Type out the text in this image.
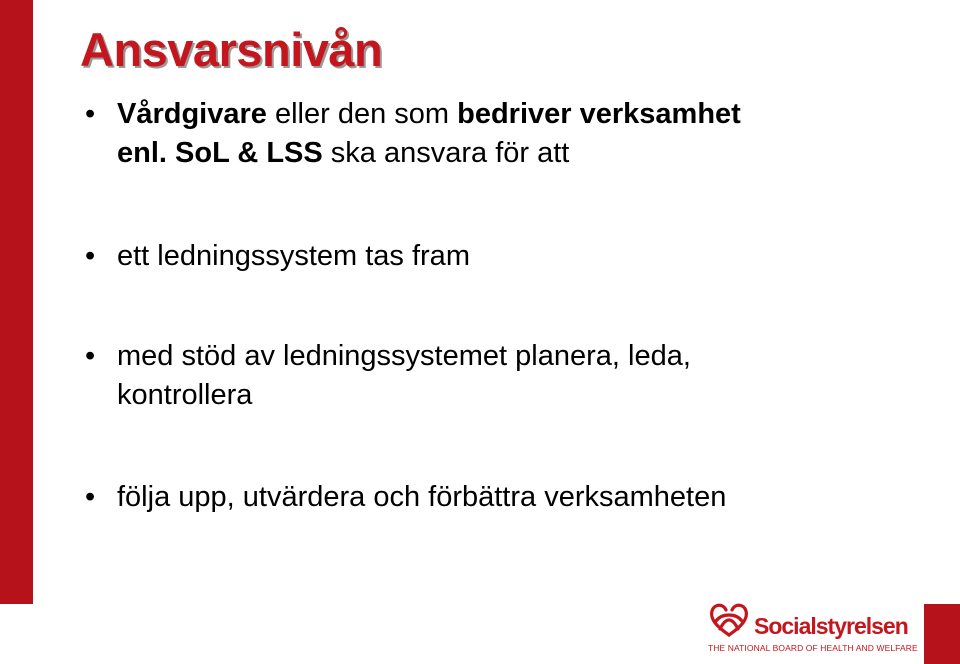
Ansvarsnivån
• Vårdgivare eller den som bedriver verksamhet
enl. SoL & LSS ska ansvara för att
• ett ledningssystem tas fram
• med stöd av ledningssystemet planera, leda,
kontrollera
• följa upp, utvärdera och förbättra verksamheten
Socialstyrelsen
THE NATIONAL BOARD OF HEALTH AND WELFARE
